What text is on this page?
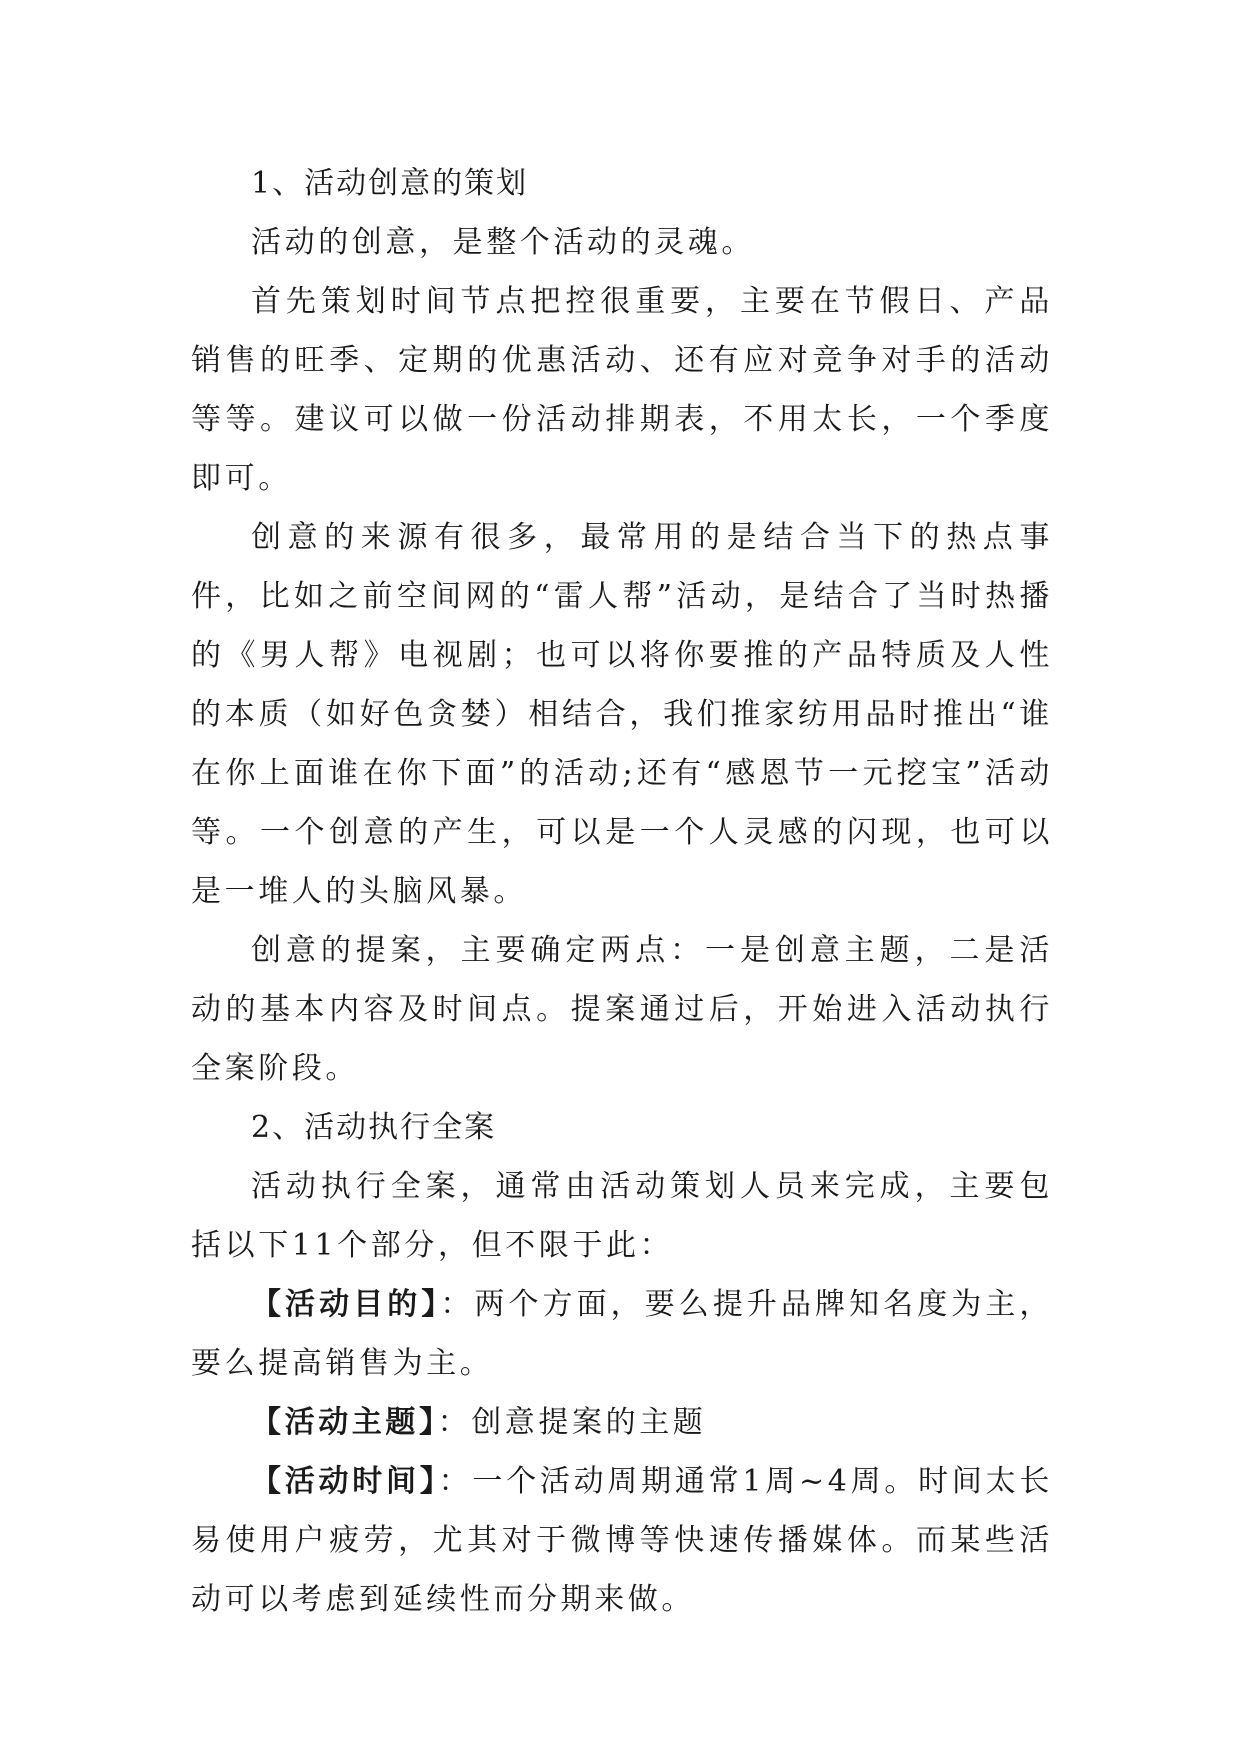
1、活动创意的策划

活动的创意，是整个活动的灵魂。

首先策划时间节点把控很重要，主要在节假日、产品销售的旺季、定期的优惠活动、还有应对竞争对手的活动等等。建议可以做一份活动排期表，不用太长，一个季度即可。

创意的来源有很多，最常用的是结合当下的热点事件，比如之前空间网的“雷人帮”活动，是结合了当时热播的《男人帮》电视剧；也可以将你要推的产品特质及人性的本质（如好色贪婪）相结合，我们推家纺用品时推出“谁在你上面谁在你下面”的活动;还有“感恩节一元挖宝”活动等。一个创意的产生，可以是一个人灵感的闪现，也可以是一堆人的头脑风暴。

创意的提案，主要确定两点：一是创意主题，二是活动的基本内容及时间点。提案通过后，开始进入活动执行全案阶段。

2、活动执行全案

活动执行全案，通常由活动策划人员来完成，主要包括以下11个部分，但不限于此：

【活动目的】：两个方面，要么提升品牌知名度为主，要么提高销售为主。

【活动主题】：创意提案的主题

【活动时间】：一个活动周期通常1周~4周。时间太长易使用户疲劳，尤其对于微博等快速传播媒体。而某些活动可以考虑到延续性而分期来做。
